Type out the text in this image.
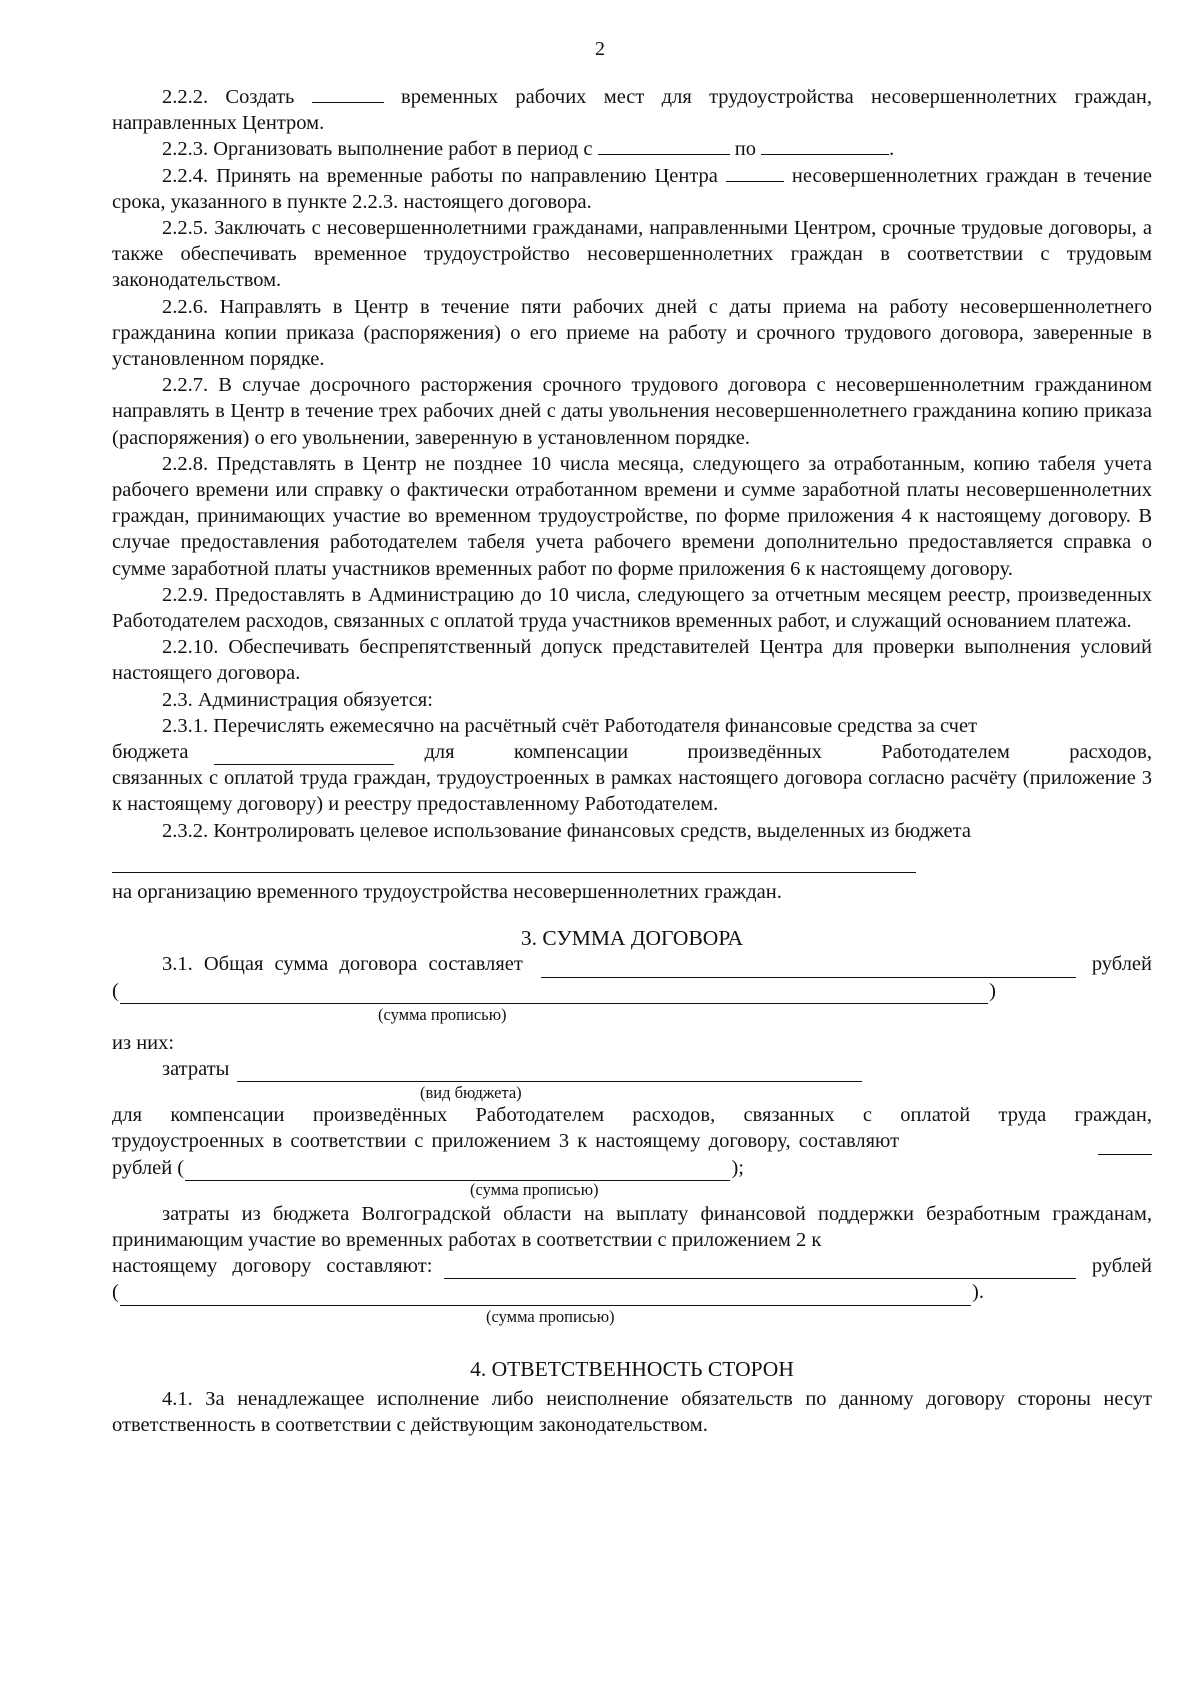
2

2.2.2. Создать	временных рабочих мест для трудоустройства несовершеннолетних граждан, направленных Центром.

2.2.3. Организовать выполнение работ в период с	по	.

2.2.4. Принять на временные работы по направлению Центра	несовершеннолетних граждан в течение срока, указанного в пункте 2.2.3. настоящего договора.

2.2.5. Заключать с несовершеннолетними гражданами, направленными Центром, срочные трудовые договоры, а также обеспечивать временное трудоустройство несовершеннолетних граждан в соответствии с трудовым законодательством.

2.2.6. Направлять в Центр в течение пяти рабочих дней с даты приема на работу несовершеннолетнего гражданина копии приказа (распоряжения) о его приеме на работу и срочного трудового договора, заверенные в установленном порядке.

2.2.7. В случае досрочного расторжения срочного трудового договора с несовершеннолетним гражданином направлять в Центр в течение трех рабочих дней с даты увольнения несовершеннолетнего гражданина копию приказа (распоряжения) о его увольнении, заверенную в установленном порядке.

2.2.8. Представлять в Центр не позднее 10 числа месяца, следующего за отработанным, копию табеля учета рабочего времени или справку о фактически отработанном времени и сумме заработной платы несовершеннолетних граждан, принимающих участие во временном трудоустройстве, по форме приложения 4 к настоящему договору. В случае предоставления работодателем табеля учета рабочего времени дополнительно предоставляется справка о сумме заработной платы участников временных работ по форме приложения 6 к настоящему договору.

2.2.9. Предоставлять в Администрацию до 10 числа, следующего за отчетным месяцем реестр, произведенных Работодателем расходов, связанных с оплатой труда участников временных работ, и служащий основанием платежа.

2.2.10. Обеспечивать беспрепятственный допуск представителей Центра для проверки выполнения условий настоящего договора.

2.3. Администрация обязуется:

2.3.1. Перечислять ежемесячно на расчётный счёт Работодателя финансовые средства за счет

бюджета	для компенсации произведённых Работодателем расходов,

связанных с оплатой труда граждан, трудоустроенных в рамках настоящего договора согласно расчёту (приложение 3 к настоящему договору) и реестру предоставленному Работодателем.

2.3.2. Контролировать целевое использование финансовых средств, выделенных из бюджета

на организацию временного трудоустройства несовершеннолетних граждан.

3. СУММА ДОГОВОРА

3.1. Общая сумма договора составляет	рублей
(	)
(сумма прописью)

из них:

затраты
(вид бюджета)

для компенсации произведённых Работодателем расходов, связанных с оплатой труда граждан,

трудоустроенных в соответствии с приложением 3 к настоящему договору, составляют
рублей (	);
(сумма прописью)

затраты из бюджета Волгоградской области на выплату финансовой поддержки безработным гражданам, принимающим участие во временных работах в соответствии с приложением 2 к

настоящему договору составляют:	рублей
(	).
(сумма прописью)

4. ОТВЕТСТВЕННОСТЬ СТОРОН

4.1. За ненадлежащее исполнение либо неисполнение обязательств по данному договору стороны несут ответственность в соответствии с действующим законодательством.
